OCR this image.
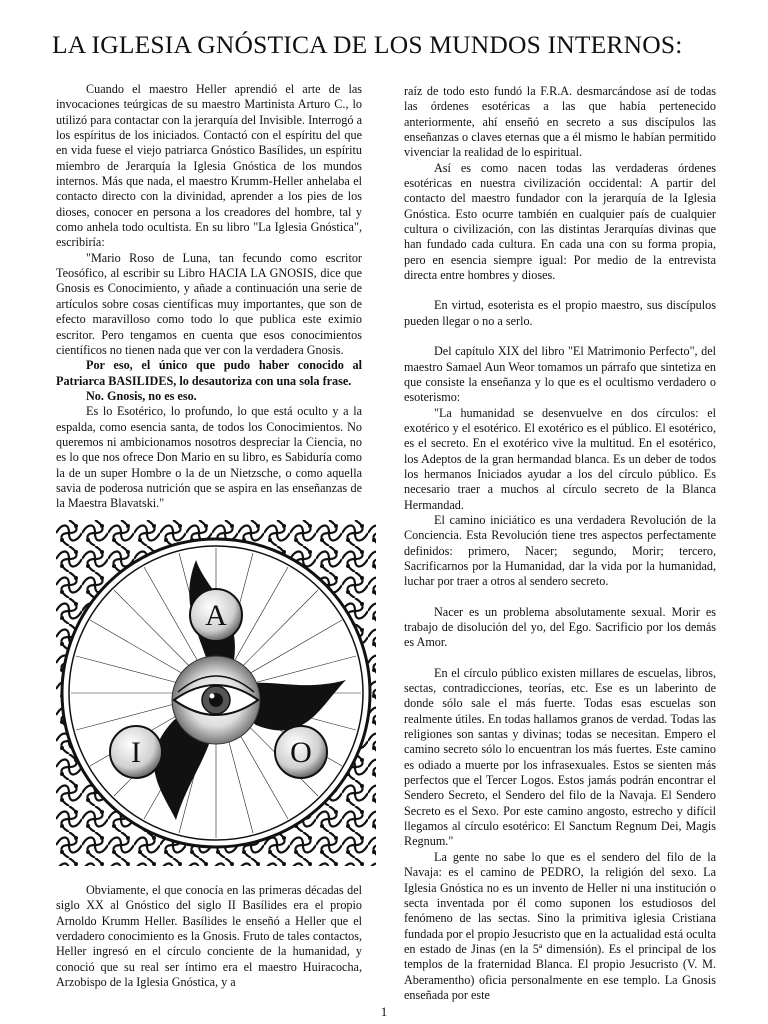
LA IGLESIA GNÓSTICA DE LOS MUNDOS INTERNOS:

Cuando el maestro Heller aprendió el arte de las invocaciones teúrgicas de su maestro Martinista Arturo C., lo utilizó para contactar con la jerarquía del Invisible. Interrogó a los espíritus de los iniciados. Contactó con el espíritu del que en vida fuese el viejo patriarca Gnóstico Basílides, un espíritu miembro de Jerarquía la Iglesia Gnóstica de los mundos internos. Más que nada, el maestro Krumm-Heller anhelaba el contacto directo con la divinidad, aprender a los pies de los dioses, conocer en persona a los creadores del hombre, tal y como anhela todo ocultista. En su libro "La Iglesia Gnóstica", escribiría:

"Mario Roso de Luna, tan fecundo como escritor Teosófico, al escribir su Libro HACIA LA GNOSIS, dice que Gnosis es Conocimiento, y añade a continuación una serie de artículos sobre cosas científicas muy importantes, que son de efecto maravilloso como todo lo que publica este eximio escritor. Pero tengamos en cuenta que esos conocimientos científicos no tienen nada que ver con la verdadera Gnosis.

Por eso, el único que pudo haber conocido al Patriarca BASILIDES, lo desautoriza con una sola frase.

No. Gnosis, no es eso.

Es lo Esotérico, lo profundo, lo que está oculto y a la espalda, como esencia santa, de todos los Conocimientos. No queremos ni ambicionamos nosotros despreciar la Ciencia, no es lo que nos ofrece Don Mario en su libro, es Sabiduría como la de un super Hombre o la de un Nietzsche, o como aquella savia de poderosa nutrición que se aspira en las enseñanzas de la Maestra Blavatski."

A
I	O

Obviamente, el que conocía en las primeras décadas del siglo XX al Gnóstico del siglo II Basílides era el propio Arnoldo Krumm Heller. Basílides le enseñó a Heller que el verdadero conocimiento es la Gnosis. Fruto de tales contactos, Heller ingresó en el círculo conciente de la humanidad, y conoció que su real ser íntimo era el maestro Huiracocha, Arzobispo de la Iglesia Gnóstica, y a

raíz de todo esto fundó la F.R.A. desmarcándose así de todas las órdenes esotéricas a las que había pertenecido anteriormente, ahí enseñó en secreto a sus discípulos las enseñanzas o claves eternas que a él mismo le habían permitido vivenciar la realidad de lo espiritual.

Así es como nacen todas las verdaderas órdenes esotéricas en nuestra civilización occidental: A partir del contacto del maestro fundador con la jerarquía de la Iglesia Gnóstica. Esto ocurre también en cualquier país de cualquier cultura o civilización, con las distintas Jerarquías divinas que han fundado cada cultura. En cada una con su forma propia, pero en esencia siempre igual: Por medio de la entrevista directa entre hombres y dioses.

En virtud, esoterista es el propio maestro, sus discípulos pueden llegar o no a serlo.

Del capítulo XIX del libro "El Matrimonio Perfecto", del maestro Samael Aun Weor tomamos un párrafo que sintetiza en que consiste la enseñanza y lo que es el ocultismo verdadero o esoterismo:

"La humanidad se desenvuelve en dos círculos: el exotérico y el esotérico. El exotérico es el público. El esotérico, es el secreto. En el exotérico vive la multitud. En el esotérico, los Adeptos de la gran hermandad blanca. Es un deber de todos los hermanos Iniciados ayudar a los del círculo público. Es necesario traer a muchos al círculo secreto de la Blanca Hermandad.

El camino iniciático es una verdadera Revolución de la Conciencia. Esta Revolución tiene tres aspectos perfectamente definidos: primero, Nacer; segundo, Morir; tercero, Sacrificarnos por la Humanidad, dar la vida por la humanidad, luchar por traer a otros al sendero secreto.

Nacer es un problema absolutamente sexual. Morir es trabajo de disolución del yo, del Ego. Sacrificio por los demás es Amor.

En el círculo público existen millares de escuelas, libros, sectas, contradicciones, teorías, etc. Ese es un laberinto de donde sólo sale el más fuerte. Todas esas escuelas son realmente útiles. En todas hallamos granos de verdad. Todas las religiones son santas y divinas; todas se necesitan. Empero el camino secreto sólo lo encuentran los más fuertes. Este camino es odiado a muerte por los infrasexuales. Estos se sienten más perfectos que el Tercer Logos. Estos jamás podrán encontrar el Sendero Secreto, el Sendero del filo de la Navaja. El Sendero Secreto es el Sexo. Por este camino angosto, estrecho y difícil llegamos al círculo esotérico: El Sanctum Regnum Dei, Magis Regnum."

La gente no sabe lo que es el sendero del filo de la Navaja: es el camino de PEDRO, la religión del sexo. La Iglesia Gnóstica no es un invento de Heller ni una institución o secta inventada por él como suponen los estudiosos del fenómeno de las sectas. Sino la primitiva iglesia Cristiana fundada por el propio Jesucristo que en la actualidad está oculta en estado de Jinas (en la 5ª dimensión). Es el principal de los templos de la fraternidad Blanca. El propio Jesucristo (V. M. Aberamentho) oficia personalmente en ese templo. La Gnosis enseñada por este

1
